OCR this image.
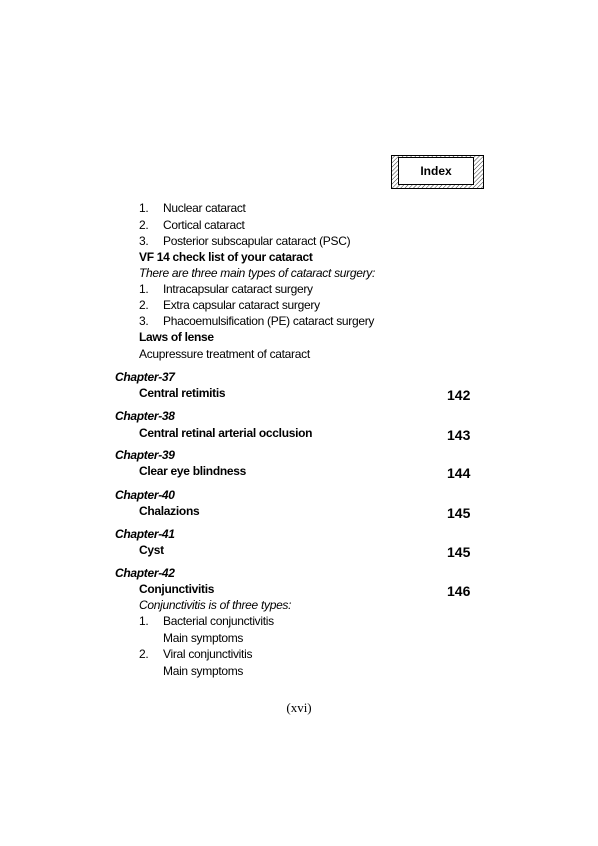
Index
1.	Nuclear cataract
2.	Cortical cataract
3.	Posterior subscapular cataract (PSC)
VF 14 check list of your cataract
There are three main types of cataract surgery:
1.	Intracapsular cataract surgery
2.	Extra capsular cataract surgery
3.	Phacoemulsification (PE) cataract surgery
Laws of lense
Acupressure treatment of cataract
Chapter-37
Central retimitis	142
Chapter-38
Central retinal arterial occlusion	143
Chapter-39
Clear eye blindness	144
Chapter-40
Chalazions	145
Chapter-41
Cyst	145
Chapter-42
Conjunctivitis	146
Conjunctivitis is of three types:
1.	Bacterial conjunctivitis
Main symptoms
2.	Viral conjunctivitis
Main symptoms
(xvi)
